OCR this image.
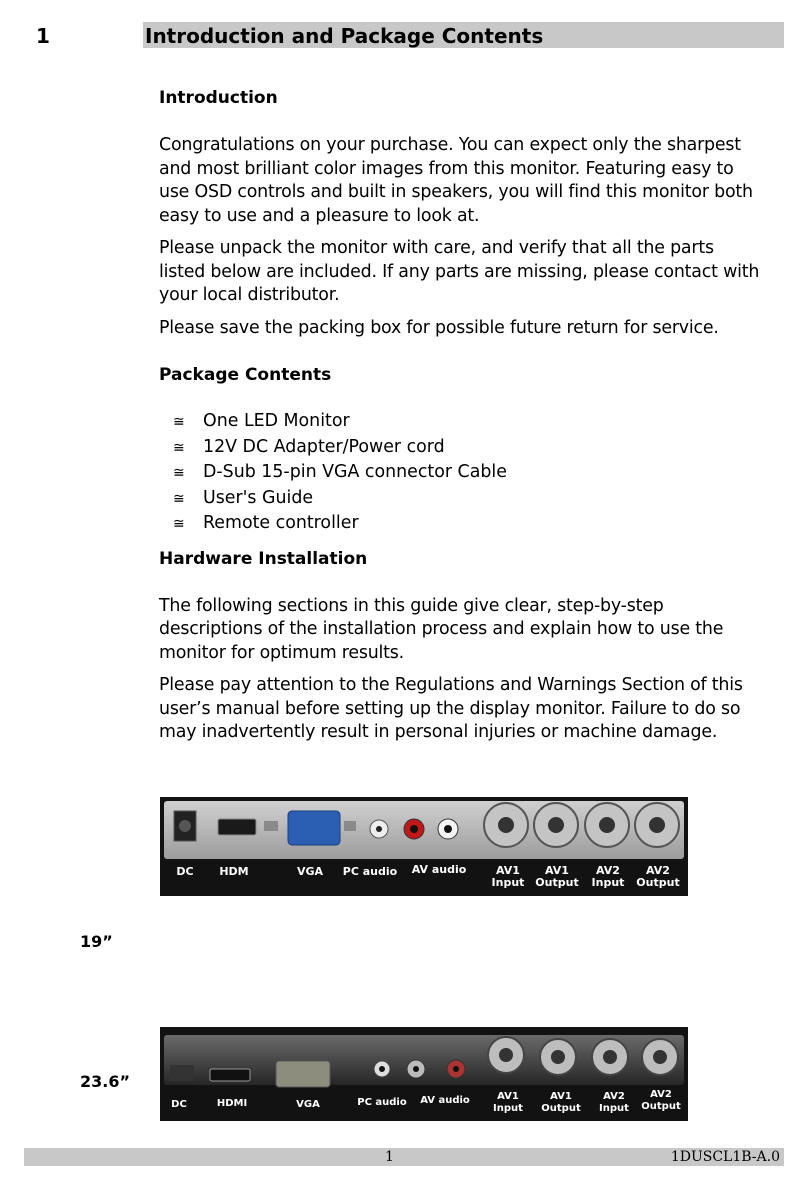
1	Introduction and Package Contents
Introduction

Congratulations on your purchase. You can expect only the sharpest and most brilliant color images from this monitor. Featuring easy to use OSD controls and built in speakers, you will find this monitor both easy to use and a pleasure to look at.

Please unpack the monitor with care, and verify that all the parts listed below are included. If any parts are missing, please contact with your local distributor.

Please save the packing box for possible future return for service.

Package Contents
≅ One LED Monitor
≅ 12V DC Adapter/Power cord
≅ D-Sub 15-pin VGA connector Cable
≅ User's Guide
≅ Remote controller
Hardware Installation

The following sections in this guide give clear, step-by-step descriptions of the installation process and explain how to use the monitor for optimum results.

Please pay attention to the Regulations and Warnings Section of this user’s manual before setting up the display monitor. Failure to do so may inadvertently result in personal injuries or machine damage.

DC	HDM	VGA	PC audio	AV audio	AV1
Input
AV1
Output
AV2
Input
AV2
Output
19”
DC	HDMI	VGA	PC audio	AV audio	AV1
Input
AV1
Output
AV2
Input
AV2
Output
23.6”
1	1DUSCL1B-A.0
